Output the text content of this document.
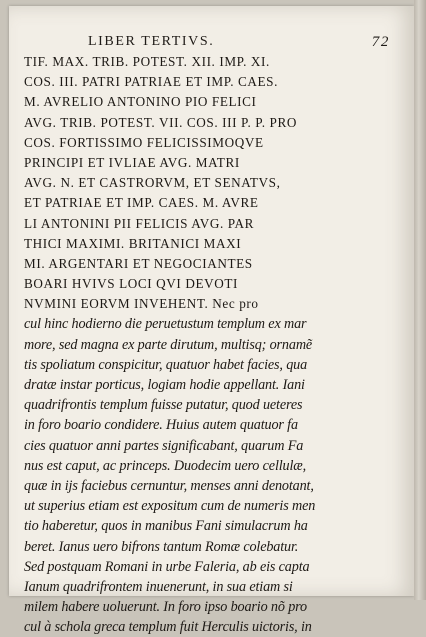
LIBER TERTIVS.	72
TIF. MAX. TRIB. POTEST. XII. IMP. XI.
COS. III. PATRI PATRIAE ET IMP. CAES.
M. AVRELIO ANTONINO PIO FELICI
AVG. TRIB. POTEST. VII. COS. III P. P. PRO
COS. FORTISSIMO FELICISSIMOQVE
PRINCIPI ET IVLIAE AVG. MATRI
AVG. N. ET CASTRORVM, ET SENATVS,
ET PATRIAE ET IMP. CAES. M. AVRE
LI ANTONINI PII FELICIS AVG. PAR
THICI MAXIMI. BRITANICI MAXI
MI. ARGENTARI ET NEGOCIANTES
BOARI HVIVS LOCI QVI DEVOTI
NVMINI EORVM INVEHENT. Nec pro
cul hinc hodierno die peruetustum templum ex mar
more, sed magna ex parte dirutum, multisq; ornamẽ
tis spoliatum conspicitur, quatuor habet facies, qua
dratæ instar porticus, logiam hodie appellant. Iani
quadrifrontis templum fuisse putatur, quod ueteres
in foro boario condidere. Huius autem quatuor fa
cies quatuor anni partes significabant, quarum Fa
nus est caput, ac princeps. Duodecim uero cellulæ,
quæ in ijs faciebus cernuntur, menses anni denotant,
ut superius etiam est expositum cum de numeris men
tio haberetur, quos in manibus Fani simulacrum ha
beret. Ianus uero bifrons tantum Romæ colebatur.
Sed postquam Romani in urbe Faleria, ab eis capta
Ianum quadrifrontem inuenerunt, in sua etiam si
milem habere uoluerunt. In foro ipso boario nõ pro
cul à schola greca templum fuit Herculis uictoris, in
